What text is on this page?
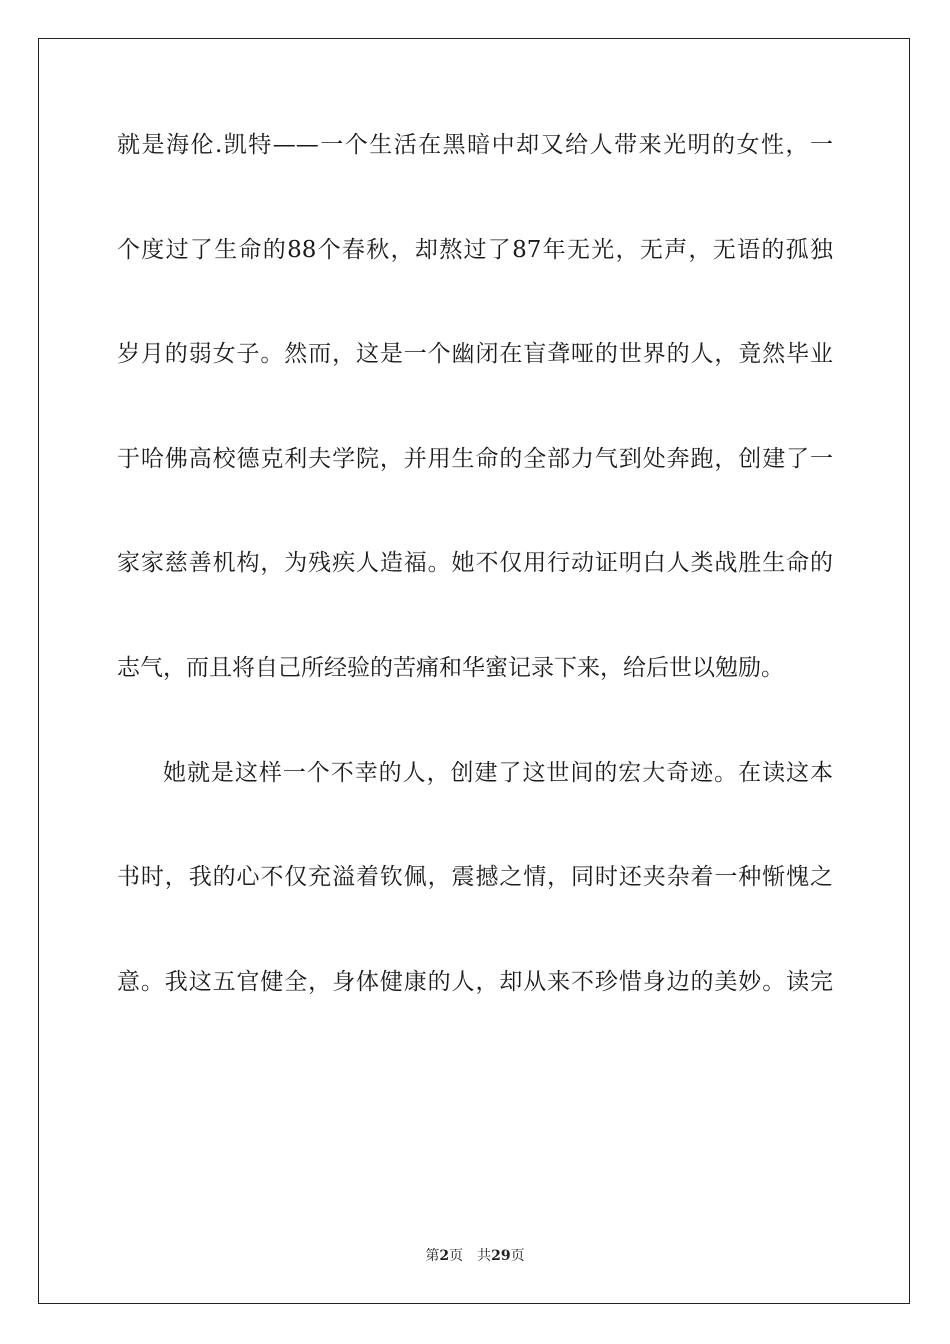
就是海伦.凯特——一个生活在黑暗中却又给人带来光明的女性，一
个度过了生命的88个春秋，却熬过了87年无光，无声，无语的孤独
岁月的弱女子。然而，这是一个幽闭在盲聋哑的世界的人，竟然毕业
于哈佛高校德克利夫学院，并用生命的全部力气到处奔跑，创建了一
家家慈善机构，为残疾人造福。她不仅用行动证明白人类战胜生命的
志气，而且将自己所经验的苦痛和华蜜记录下来，给后世以勉励。
她就是这样一个不幸的人，创建了这世间的宏大奇迹。在读这本
书时，我的心不仅充溢着钦佩，震撼之情，同时还夹杂着一种惭愧之
意。我这五官健全，身体健康的人，却从来不珍惜身边的美妙。读完
第2页 共29页
